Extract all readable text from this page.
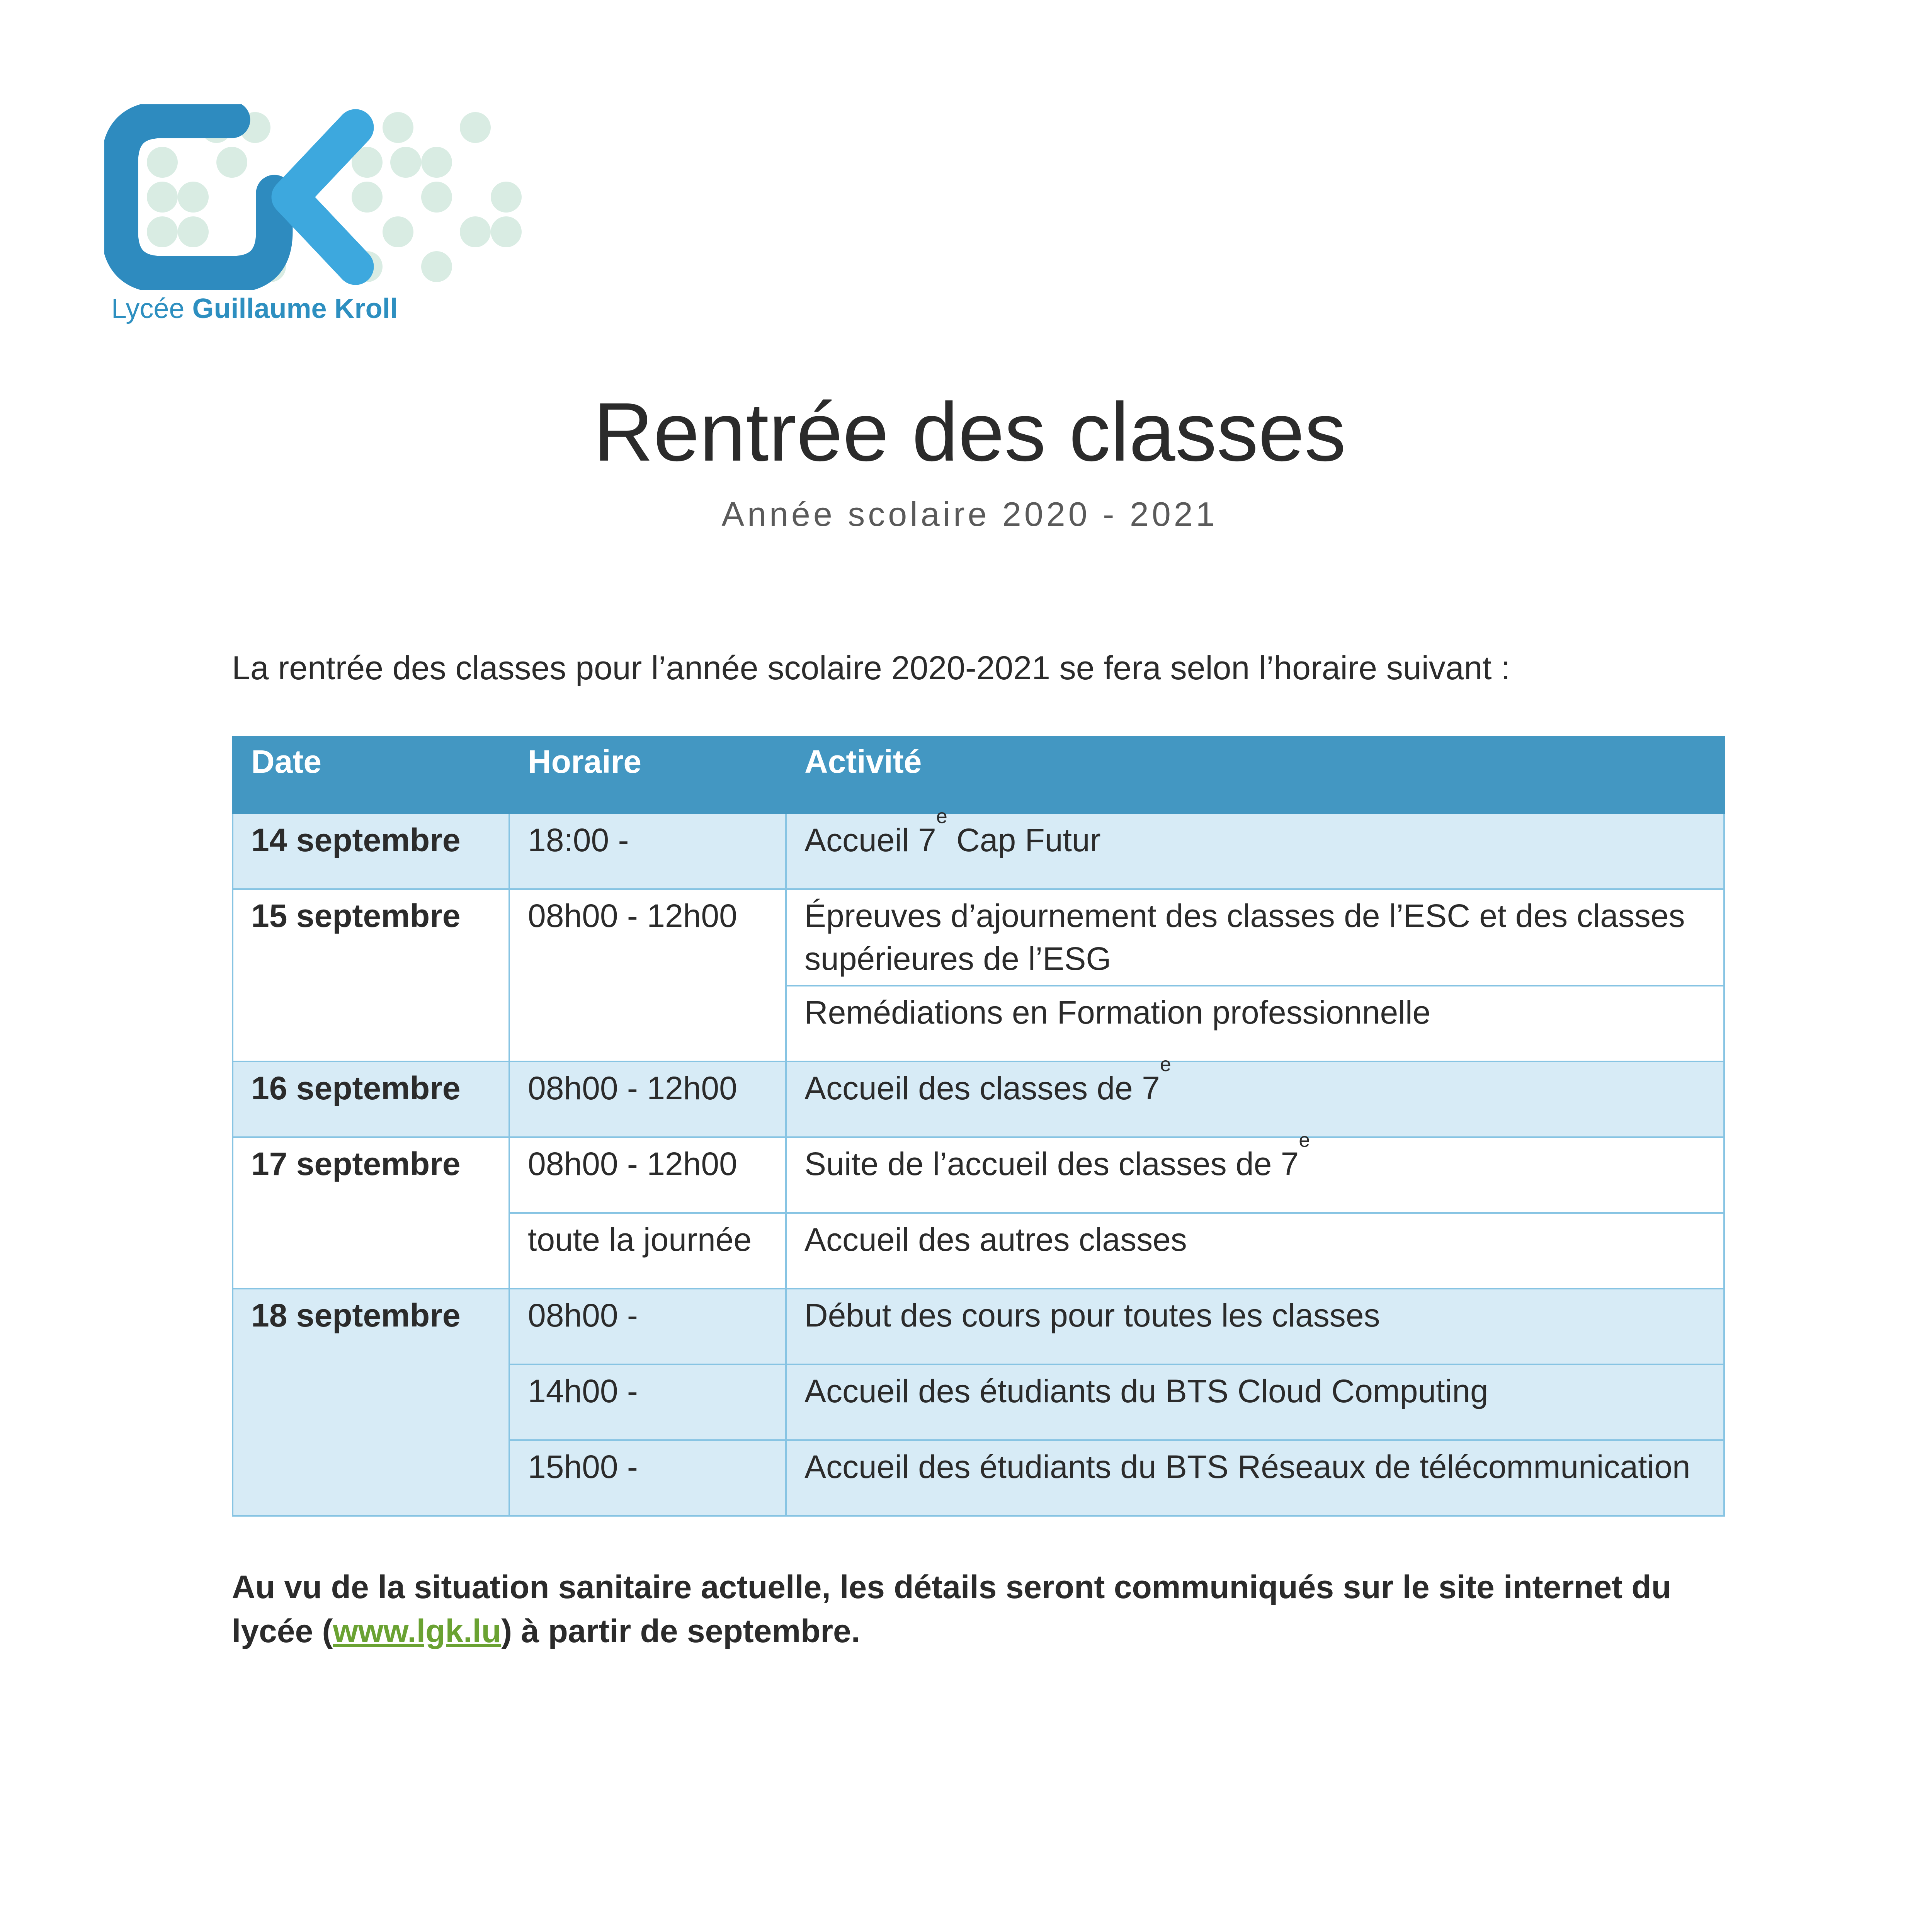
Lycée Guillaume Kroll
Rentrée des classes
Année scolaire 2020 - 2021
La rentrée des classes pour l’année scolaire 2020-2021 se fera selon l’horaire suivant :
Date	Horaire	Activité
14 septembre	18:00 -	Accueil 7e Cap Futur
15 septembre	08h00 - 12h00	Épreuves d’ajournement des classes de l’ESC et des classes supérieures de l’ESG
		Remédiations en Formation professionnelle
16 septembre	08h00 - 12h00	Accueil des classes de 7e
17 septembre	08h00 - 12h00	Suite de l’accueil des classes de 7e
	toute la journée	Accueil des autres classes
18 septembre	08h00 -	Début des cours pour toutes les classes
	14h00 -	Accueil des étudiants du BTS Cloud Computing
	15h00 -	Accueil des étudiants du BTS Réseaux de télécommunication
Au vu de la situation sanitaire actuelle, les détails seront communiqués sur le site internet du lycée (www.lgk.lu) à partir de septembre.
